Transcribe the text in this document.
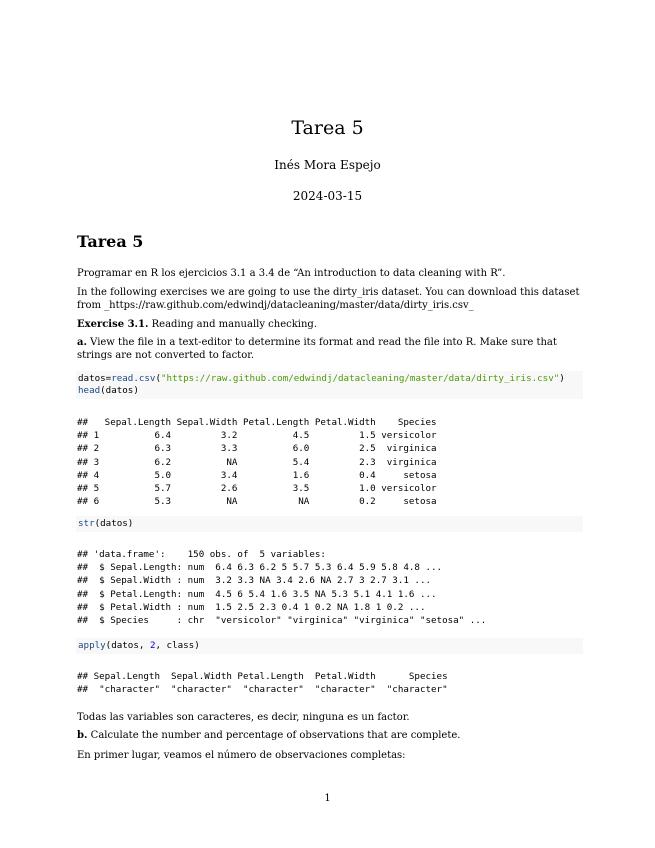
Tarea 5
Inés Mora Espejo
2024-03-15
Tarea 5
Programar en R los ejercicios 3.1 a 3.4 de “An introduction to data cleaning with R”.
In the following exercises we are going to use the dirty_iris dataset. You can download this dataset from _https://raw.github.com/edwindj/datacleaning/master/data/dirty_iris.csv_
Exercise 3.1. Reading and manually checking.
a. View the file in a text-editor to determine its format and read the file into R. Make sure that strings are not converted to factor.
datos=read.csv("https://raw.github.com/edwindj/datacleaning/master/data/dirty_iris.csv")
head(datos)
##   Sepal.Length Sepal.Width Petal.Length Petal.Width    Species
## 1          6.4         3.2          4.5         1.5 versicolor
## 2          6.3         3.3          6.0         2.5  virginica
## 3          6.2          NA          5.4         2.3  virginica
## 4          5.0         3.4          1.6         0.4     setosa
## 5          5.7         2.6          3.5         1.0 versicolor
## 6          5.3          NA           NA         0.2     setosa
str(datos)
## 'data.frame':    150 obs. of  5 variables:
##  $ Sepal.Length: num  6.4 6.3 6.2 5 5.7 5.3 6.4 5.9 5.8 4.8 ...
##  $ Sepal.Width : num  3.2 3.3 NA 3.4 2.6 NA 2.7 3 2.7 3.1 ...
##  $ Petal.Length: num  4.5 6 5.4 1.6 3.5 NA 5.3 5.1 4.1 1.6 ...
##  $ Petal.Width : num  1.5 2.5 2.3 0.4 1 0.2 NA 1.8 1 0.2 ...
##  $ Species     : chr  "versicolor" "virginica" "virginica" "setosa" ...
apply(datos, 2, class)
## Sepal.Length  Sepal.Width Petal.Length  Petal.Width      Species
##  "character"  "character"  "character"  "character"  "character"
Todas las variables son caracteres, es decir, ninguna es un factor.
b. Calculate the number and percentage of observations that are complete.
En primer lugar, veamos el número de observaciones completas:
1
